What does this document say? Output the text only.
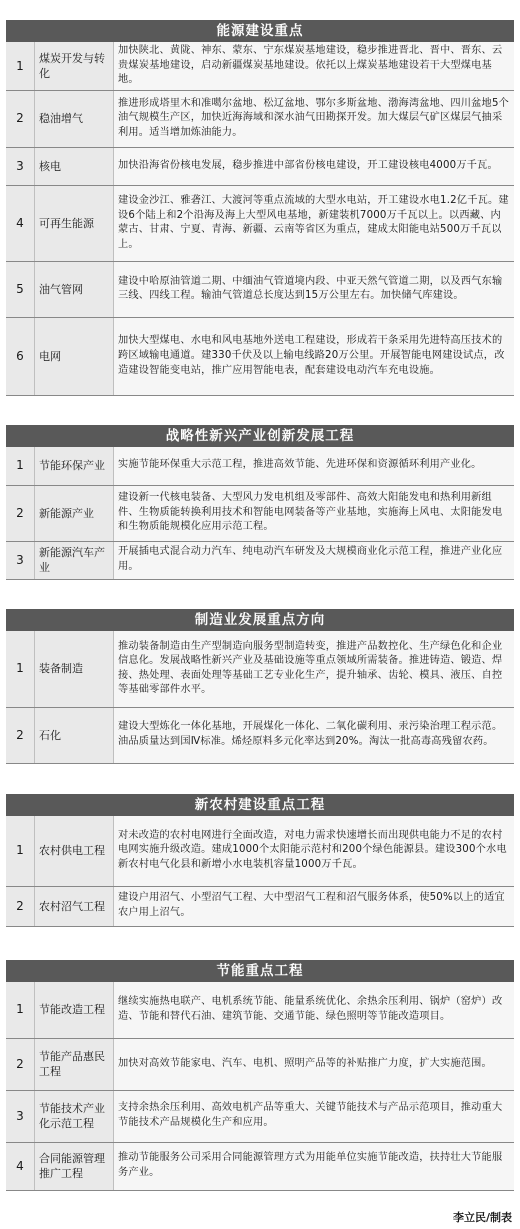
能源建设重点
1	煤炭开发与转化	加快陕北、黄陇、神东、蒙东、宁东煤炭基地建设，稳步推进晋北、晋中、晋东、云贵煤炭基地建设，启动新疆煤炭基地建设。依托以上煤炭基地建设若干大型煤电基地。
2	稳油增气	推进形成塔里木和准噶尔盆地、松辽盆地、鄂尔多斯盆地、渤海湾盆地、四川盆地5个油气规模生产区，加快近海海域和深水油气田勘探开发。加大煤层气矿区煤层气抽采利用。适当增加炼油能力。
3	核电	加快沿海省份核电发展，稳步推进中部省份核电建设，开工建设核电4000万千瓦。
4	可再生能源	建设金沙江、雅砻江、大渡河等重点流域的大型水电站，开工建设水电1.2亿千瓦。建设6个陆上和2个沿海及海上大型风电基地，新建装机7000万千瓦以上。以西藏、内蒙古、甘肃、宁夏、青海、新疆、云南等省区为重点，建成太阳能电站500万千瓦以上。
5	油气管网	建设中哈原油管道二期、中缅油气管道境内段、中亚天然气管道二期，以及西气东输三线、四线工程。输油气管道总长度达到15万公里左右。加快储气库建设。
6	电网	加快大型煤电、水电和风电基地外送电工程建设，形成若干条采用先进特高压技术的跨区域输电通道。建330千伏及以上输电线路20万公里。开展智能电网建设试点，改造建设智能变电站，推广应用智能电表，配套建设电动汽车充电设施。
战略性新兴产业创新发展工程
1	节能环保产业	实施节能环保重大示范工程，推进高效节能、先进环保和资源循环利用产业化。
2	新能源产业	建设新一代核电装备、大型风力发电机组及零部件、高效大阳能发电和热利用新组件、生物质能转换利用技术和智能电网装备等产业基地，实施海上风电、太阳能发电和生物质能规模化应用示范工程。
3	新能源汽车产业	开展插电式混合动力汽车、纯电动汽车研发及大规模商业化示范工程，推进产业化应用。
制造业发展重点方向
1	装备制造	推动装备制造由生产型制造向服务型制造转变，推进产品数控化、生产绿色化和企业信息化。发展战略性新兴产业及基础设施等重点领域所需装备。推进铸造、锻造、焊接、热处理、表面处理等基础工艺专业化生产，提升轴承、齿轮、模具、液压、自控等基础零部件水平。
2	石化	建设大型炼化一体化基地，开展煤化一体化、二氧化碳利用、汞污染治理工程示范。油品质量达到国Ⅳ标准。烯烃原料多元化率达到20%。淘汰一批高毒高残留农药。
新农村建设重点工程
1	农村供电工程	对未改造的农村电网进行全面改造，对电力需求快速增长而出现供电能力不足的农村电网实施升级改造。建成1000个太阳能示范村和200个绿色能源县。建设300个水电新农村电气化县和新增小水电装机容量1000万千瓦。
2	农村沼气工程	建设户用沼气、小型沼气工程、大中型沼气工程和沼气服务体系，使50%以上的适宜农户用上沼气。
节能重点工程
1	节能改造工程	继续实施热电联产、电机系统节能、能量系统优化、余热余压利用、锅炉（窑炉）改造、节能和替代石油、建筑节能、交通节能、绿色照明等节能改造项目。
2	节能产品惠民工程	加快对高效节能家电、汽车、电机、照明产品等的补贴推广力度，扩大实施范围。
3	节能技术产业化示范工程	支持余热余压利用、高效电机产品等重大、关键节能技术与产品示范项目，推动重大节能技术产品规模化生产和应用。
4	合同能源管理推广工程	推动节能服务公司采用合同能源管理方式为用能单位实施节能改造，扶持壮大节能服务产业。
李立民/制表
